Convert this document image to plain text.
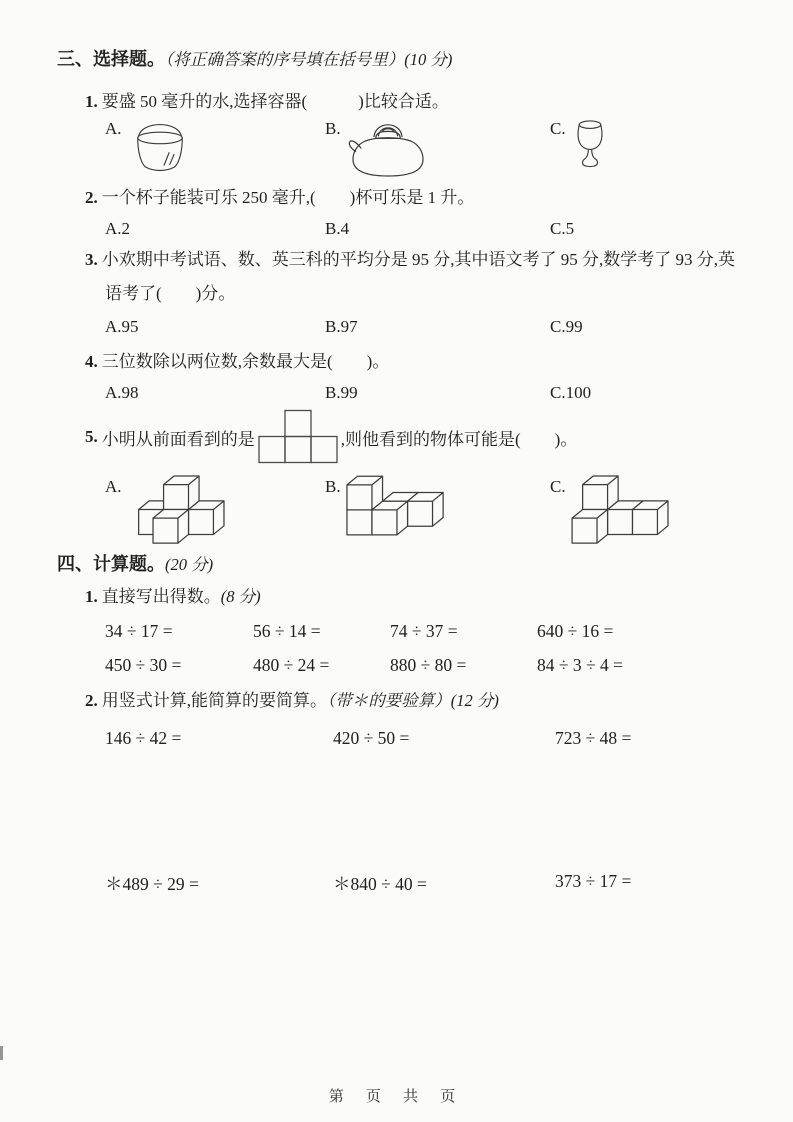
三、选择题。（将正确答案的序号填在括号里）(10 分)
1. 要盛 50 毫升的水,选择容器(　　　)比较合适。
A.	B.	C.
2. 一个杯子能装可乐 250 毫升,(　　)杯可乐是 1 升。
A.2	B.4	C.5
3. 小欢期中考试语、数、英三科的平均分是 95 分,其中语文考了 95 分,数学考了 93 分,英
语考了(　　)分。
A.95	B.97	C.99
4. 三位数除以两位数,余数最大是(　　)。
A.98	B.99	C.100
5. 小明从前面看到的是	,则他看到的物体可能是(　　)。
A.	B.	C.
四、计算题。(20 分)
1. 直接写出得数。(8 分)
34 ÷ 17 =	56 ÷ 14 =	74 ÷ 37 =	640 ÷ 16 =
450 ÷ 30 =	480 ÷ 24 =	880 ÷ 80 =	84 ÷ 3 ÷ 4 =
2. 用竖式计算,能简算的要简算。（带＊的要验算）(12 分)
146 ÷ 42 =	420 ÷ 50 =	723 ÷ 48 =
＊489 ÷ 29 =	＊840 ÷ 40 =	373 ÷ 17 =
第 页 共 页
